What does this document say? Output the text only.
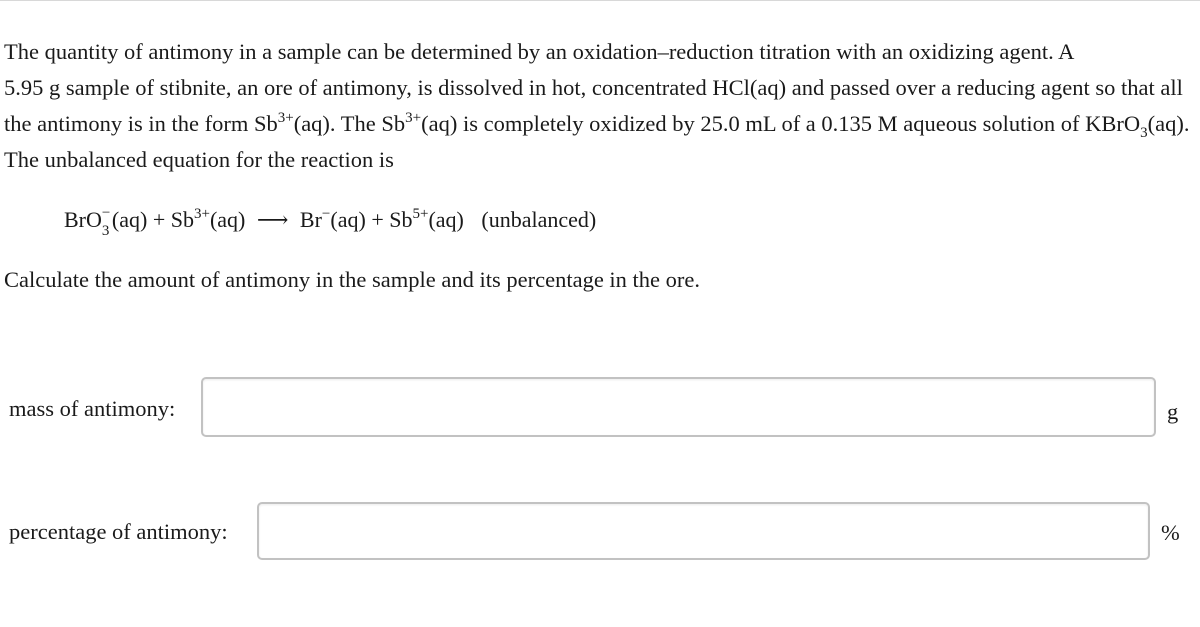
The quantity of antimony in a sample can be determined by an oxidation–reduction titration with an oxidizing agent. A 5.95 g sample of stibnite, an ore of antimony, is dissolved in hot, concentrated HCl(aq) and passed over a reducing agent so that all the antimony is in the form $Sb^{3+}(aq)$. The $Sb^{3+}(aq)$ is completely oxidized by 25.0 mL of a 0.135 M aqueous solution of KBrO$_3$(aq). The unbalanced equation for the reaction is

BrO −
3 $(aq) + Sb^{3+}(aq)$ ⟶ $Br^-(aq) + Sb^{5+}(aq)$ (unbalanced)
Calculate the amount of antimony in the sample and its percentage in the ore.
mass of antimony:	g
percentage of antimony:	%
